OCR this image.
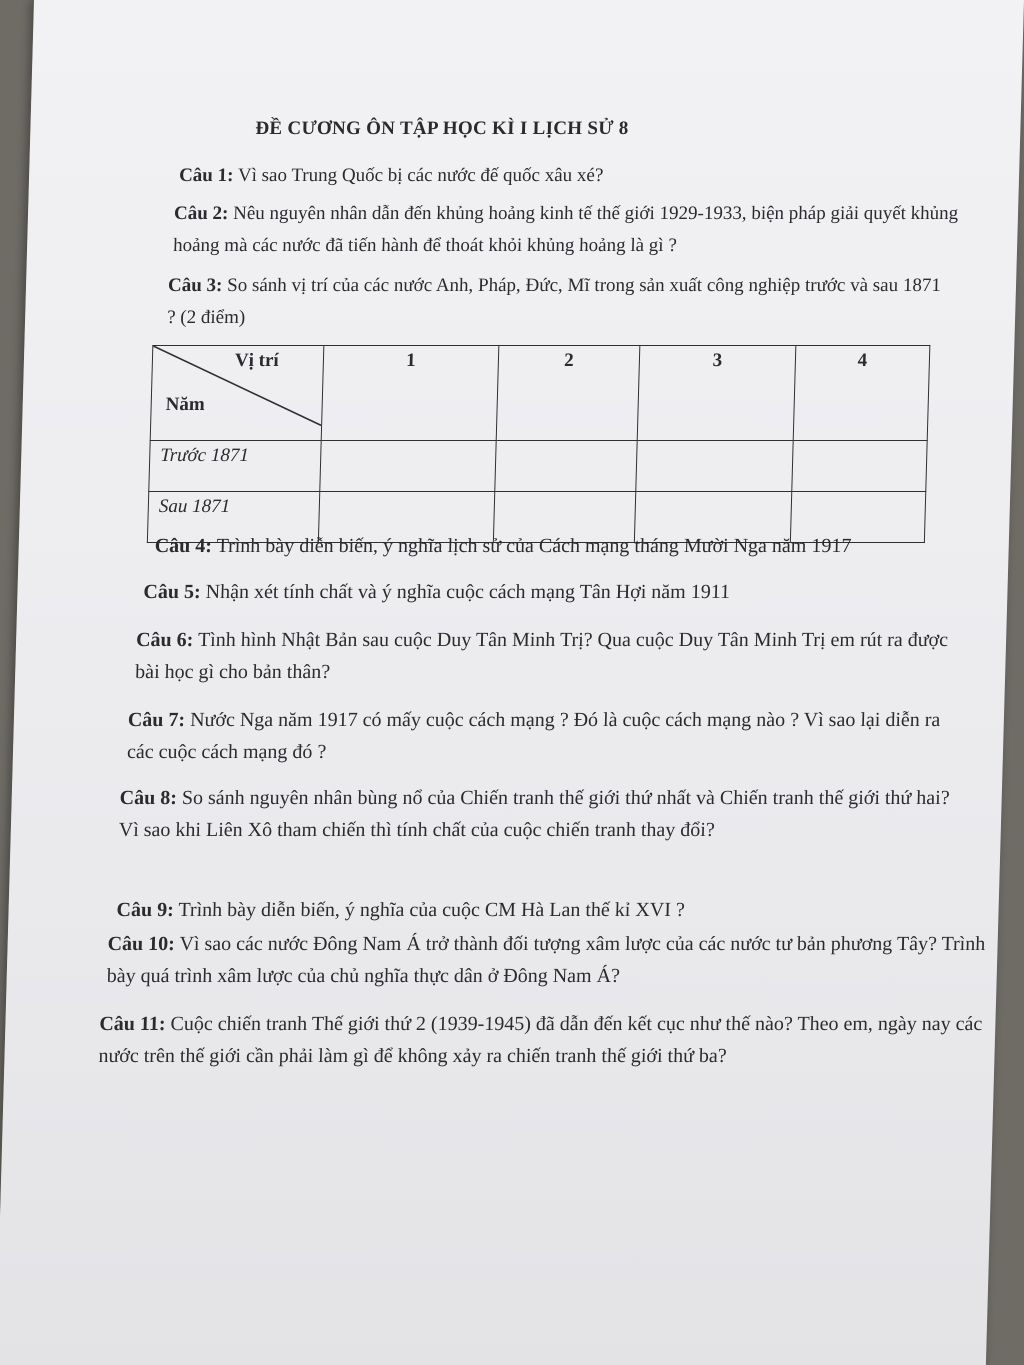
ĐỀ CƯƠNG ÔN TẬP HỌC KÌ I LỊCH SỬ 8
Câu 1: Vì sao Trung Quốc bị các nước đế quốc xâu xé?
Câu 2: Nêu nguyên nhân dẫn đến khủng hoảng kinh tế thế giới 1929-1933, biện pháp giải quyết khủng hoảng mà các nước đã tiến hành để thoát khỏi khủng hoảng là gì ?
Câu 3: So sánh vị trí của các nước Anh, Pháp, Đức, Mĩ trong sản xuất công nghiệp trước và sau 1871 ? (2 điểm)
Vị trí
Năm	1	2	3	4
Trước 1871				
Sau 1871				
Câu 4: Trình bày diễn biến, ý nghĩa lịch sử của Cách mạng tháng Mười Nga năm 1917
Câu 5: Nhận xét tính chất và ý nghĩa cuộc cách mạng Tân Hợi năm 1911
Câu 6: Tình hình Nhật Bản sau cuộc Duy Tân Minh Trị? Qua cuộc Duy Tân Minh Trị em rút ra được bài học gì cho bản thân?
Câu 7: Nước Nga năm 1917 có mấy cuộc cách mạng ? Đó là cuộc cách mạng nào ? Vì sao lại diễn ra các cuộc cách mạng đó ?
Câu 8: So sánh nguyên nhân bùng nổ của Chiến tranh thế giới thứ nhất và Chiến tranh thế giới thứ hai? Vì sao khi Liên Xô tham chiến thì tính chất của cuộc chiến tranh thay đổi?
Câu 9: Trình bày diễn biến, ý nghĩa của cuộc CM Hà Lan thế kỉ XVI ?
Câu 10: Vì sao các nước Đông Nam Á trở thành đối tượng xâm lược của các nước tư bản phương Tây? Trình bày quá trình xâm lược của chủ nghĩa thực dân ở Đông Nam Á?
Câu 11: Cuộc chiến tranh Thế giới thứ 2 (1939-1945) đã dẫn đến kết cục như thế nào? Theo em, ngày nay các nước trên thế giới cần phải làm gì để không xảy ra chiến tranh thế giới thứ ba?
